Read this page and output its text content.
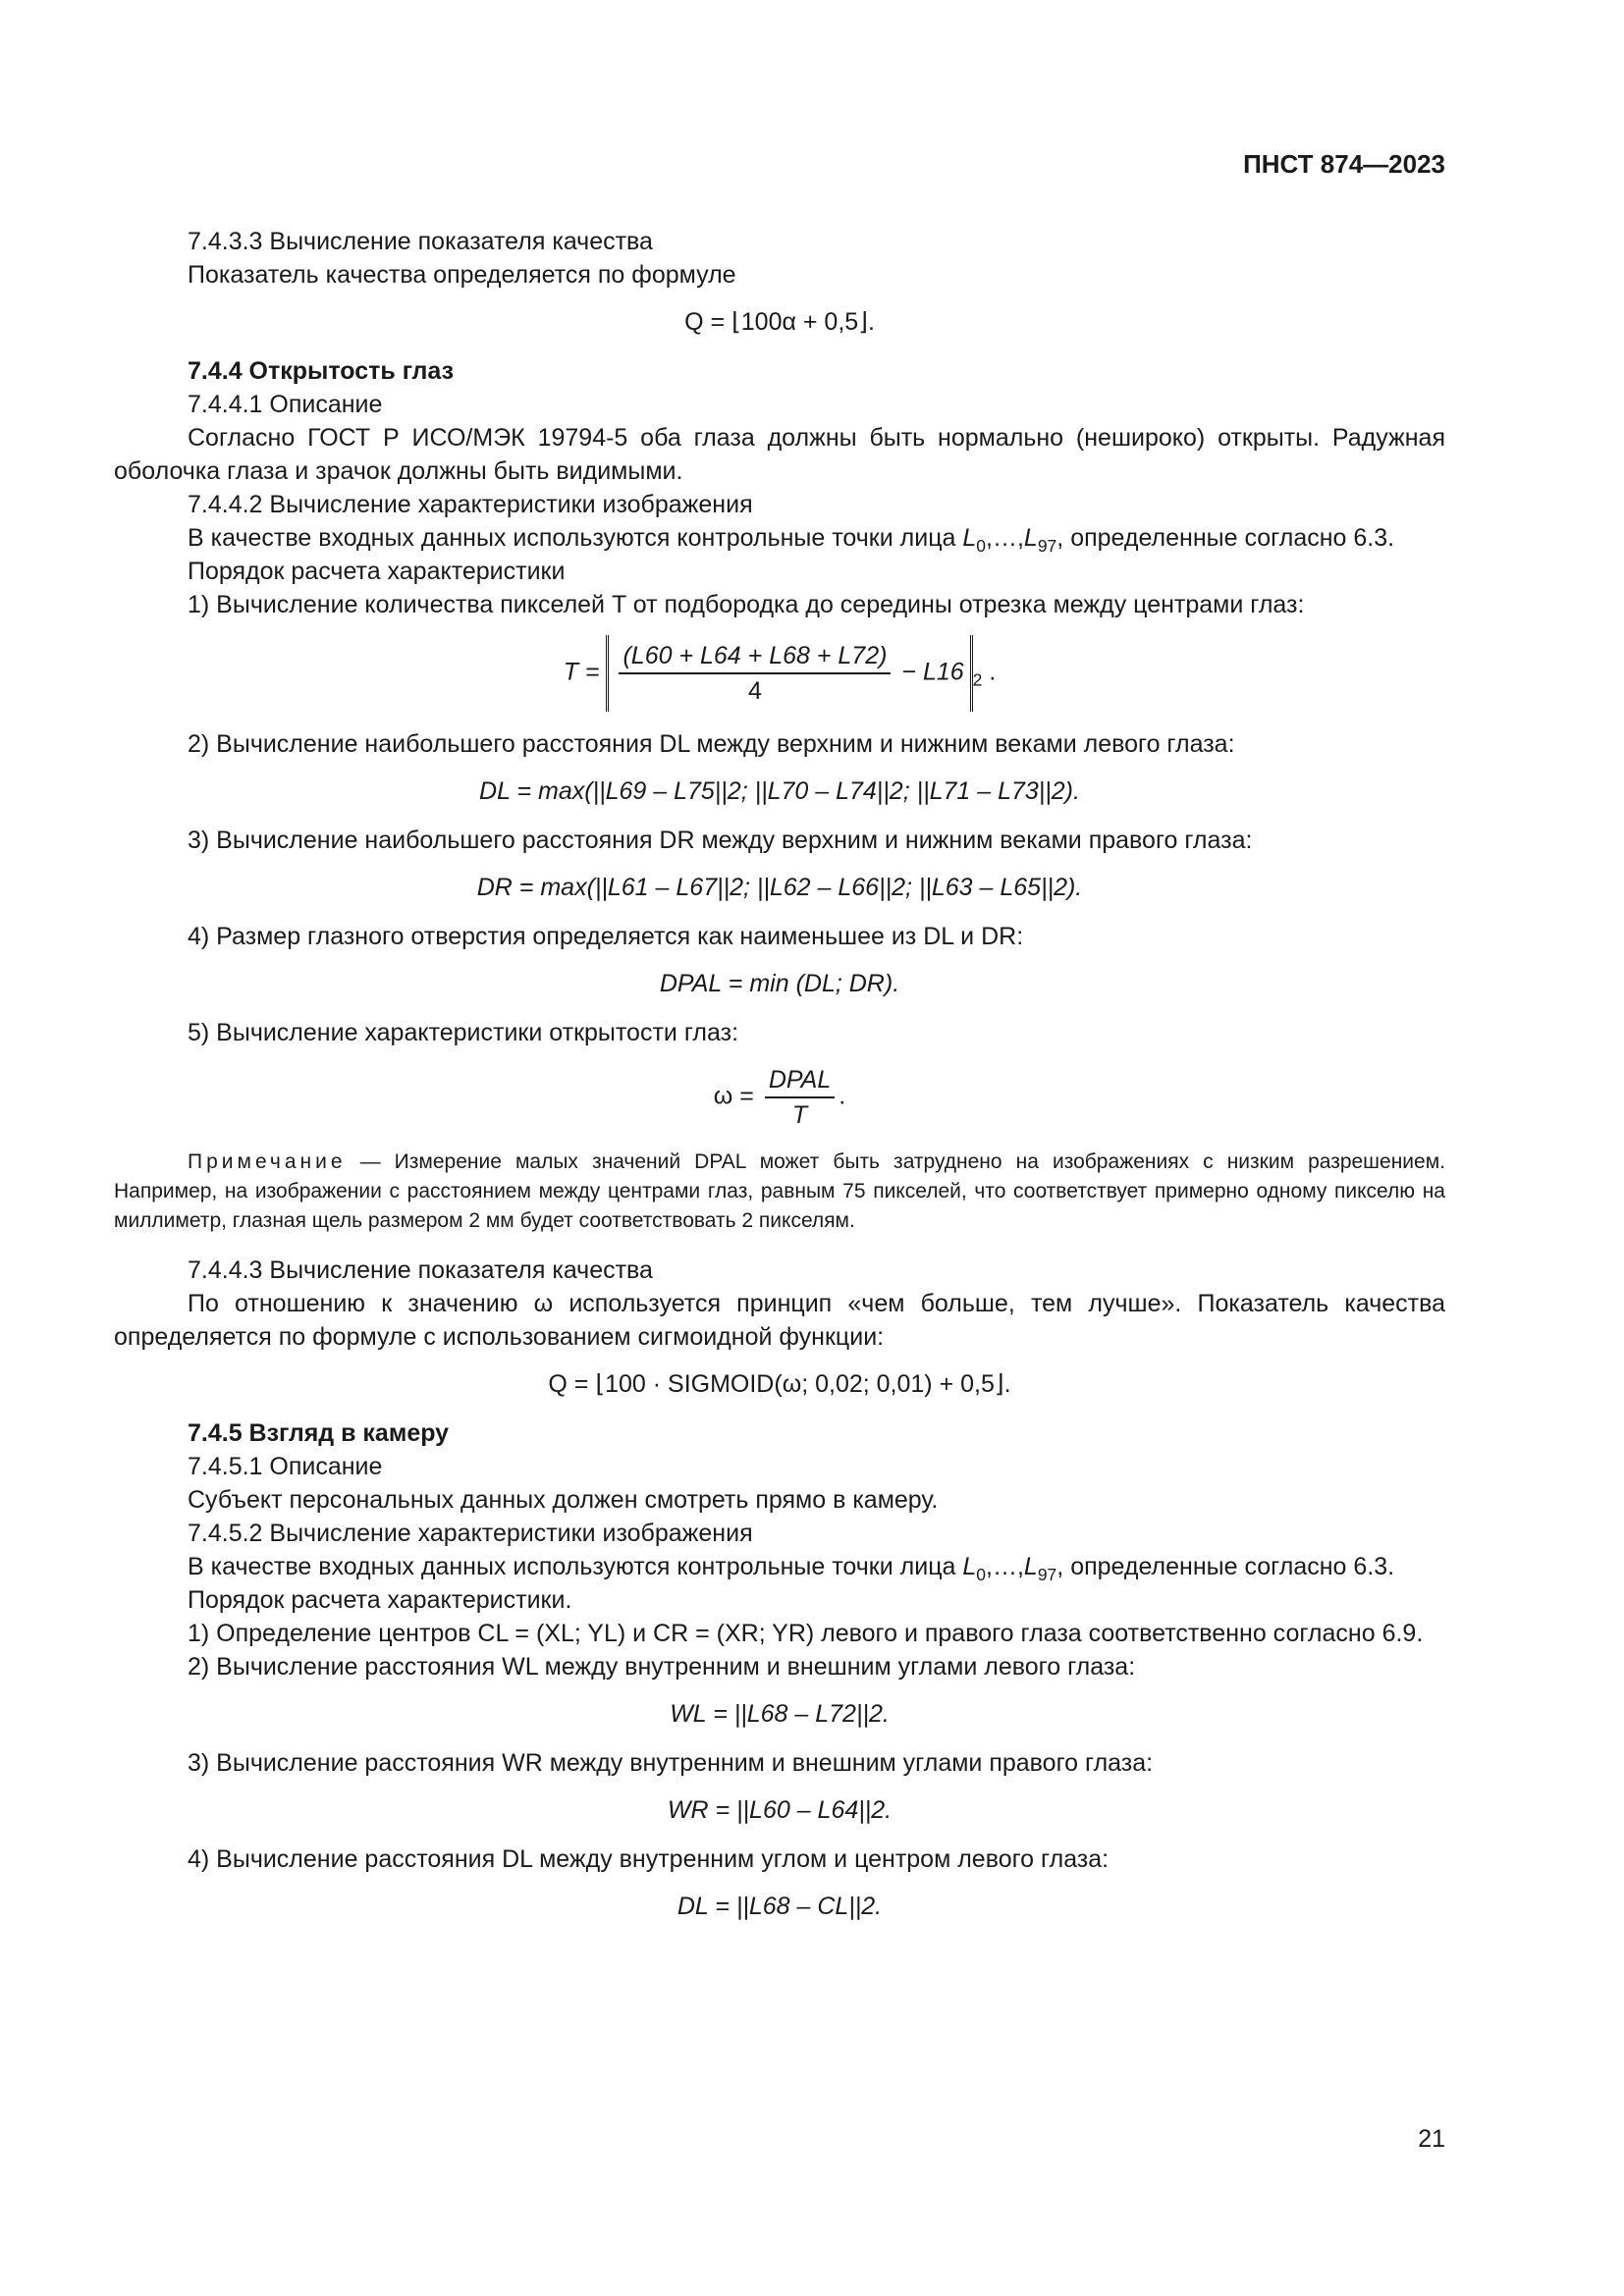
ПНСТ 874—2023

7.4.3.3 Вычисление показателя качества

Показатель качества определяется по формуле

Q = ⌊100α + 0,5⌋.

7.4.4 Открытость глаз

7.4.4.1 Описание

Согласно ГОСТ Р ИСО/МЭК 19794-5 оба глаза должны быть нормально (нешироко) открыты. Радужная оболочка глаза и зрачок должны быть видимыми.

7.4.4.2 Вычисление характеристики изображения

В качестве входных данных используются контрольные точки лица $L_0,\dots,L_{97}$, определенные согласно 6.3.

Порядок расчета характеристики

1) Вычисление количества пикселей T от подбородка до середины отрезка между центрами глаз:

$T = \frac{(L60 + L64 + L68 + L72)}{4} - L16$ $_2$ .

2) Вычисление наибольшего расстояния DL между верхним и нижним веками левого глаза:

DL = max(||L69 – L75||2; ||L70 – L74||2; ||L71 – L73||2).

3) Вычисление наибольшего расстояния DR между верхним и нижним веками правого глаза:

DR = max(||L61 – L67||2; ||L62 – L66||2; ||L63 – L65||2).

4) Размер глазного отверстия определяется как наименьшее из DL и DR:

DPAL = min (DL; DR).

5) Вычисление характеристики открытости глаз:

$\omega = \frac{\text{DPAL}}{T}$ .

Примечание — Измерение малых значений DPAL может быть затруднено на изображениях с низким разрешением. Например, на изображении с расстоянием между центрами глаз, равным 75 пикселей, что соответствует примерно одному пикселю на миллиметр, глазная щель размером 2 мм будет соответствовать 2 пикселям.

7.4.4.3 Вычисление показателя качества

По отношению к значению ω используется принцип «чем больше, тем лучше». Показатель качества определяется по формуле с использованием сигмоидной функции:

Q = ⌊100 · SIGMOID(ω; 0,02; 0,01) + 0,5⌋.

7.4.5 Взгляд в камеру

7.4.5.1 Описание

Субъект персональных данных должен смотреть прямо в камеру.

7.4.5.2 Вычисление характеристики изображения

В качестве входных данных используются контрольные точки лица $L_0,\dots,L_{97}$, определенные согласно 6.3.

Порядок расчета характеристики.

1) Определение центров CL = (XL; YL) и CR = (XR; YR) левого и правого глаза соответственно согласно 6.9.

2) Вычисление расстояния WL между внутренним и внешним углами левого глаза:

WL = ||L68 – L72||2.

3) Вычисление расстояния WR между внутренним и внешним углами правого глаза:

WR = ||L60 – L64||2.

4) Вычисление расстояния DL между внутренним углом и центром левого глаза:

DL = ||L68 – CL||2.
21
